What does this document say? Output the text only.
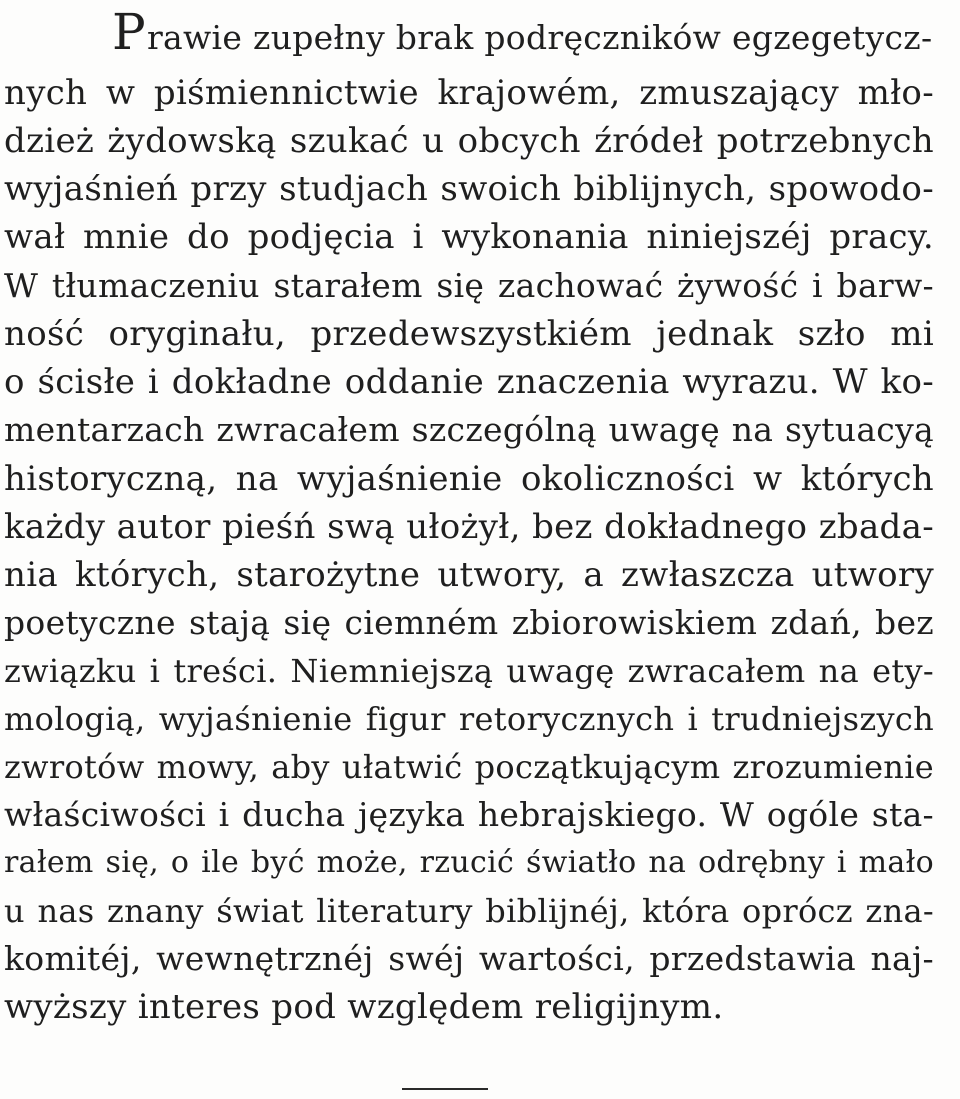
Prawie zupełny brak podręczników egzegetycz-
nych w piśmiennictwie krajowém, zmuszający mło-
dzież żydowską szukać u obcych źródeł potrzebnych
wyjaśnień przy studjach swoich biblijnych, spowodo-
wał mnie do podjęcia i wykonania niniejszéj pracy.
W tłumaczeniu starałem się zachować żywość i barw-
ność oryginału, przedewszystkiém jednak szło mi
o ścisłe i dokładne oddanie znaczenia wyrazu. W ko-
mentarzach zwracałem szczególną uwagę na sytuacyą
historyczną, na wyjaśnienie okoliczności w których
każdy autor pieśń swą ułożył, bez dokładnego zbada-
nia których, starożytne utwory, a zwłaszcza utwory
poetyczne stają się ciemném zbiorowiskiem zdań, bez
związku i treści. Niemniejszą uwagę zwracałem na ety-
mologią, wyjaśnienie figur retorycznych i trudniejszych
zwrotów mowy, aby ułatwić początkującym zrozumienie
właściwości i ducha języka hebrajskiego. W ogóle sta-
rałem się, o ile być może, rzucić światło na odrębny i mało
u nas znany świat literatury biblijnéj, która oprócz zna-
komitéj, wewnętrznéj swéj wartości, przedstawia naj-
wyższy interes pod względem religijnym.
